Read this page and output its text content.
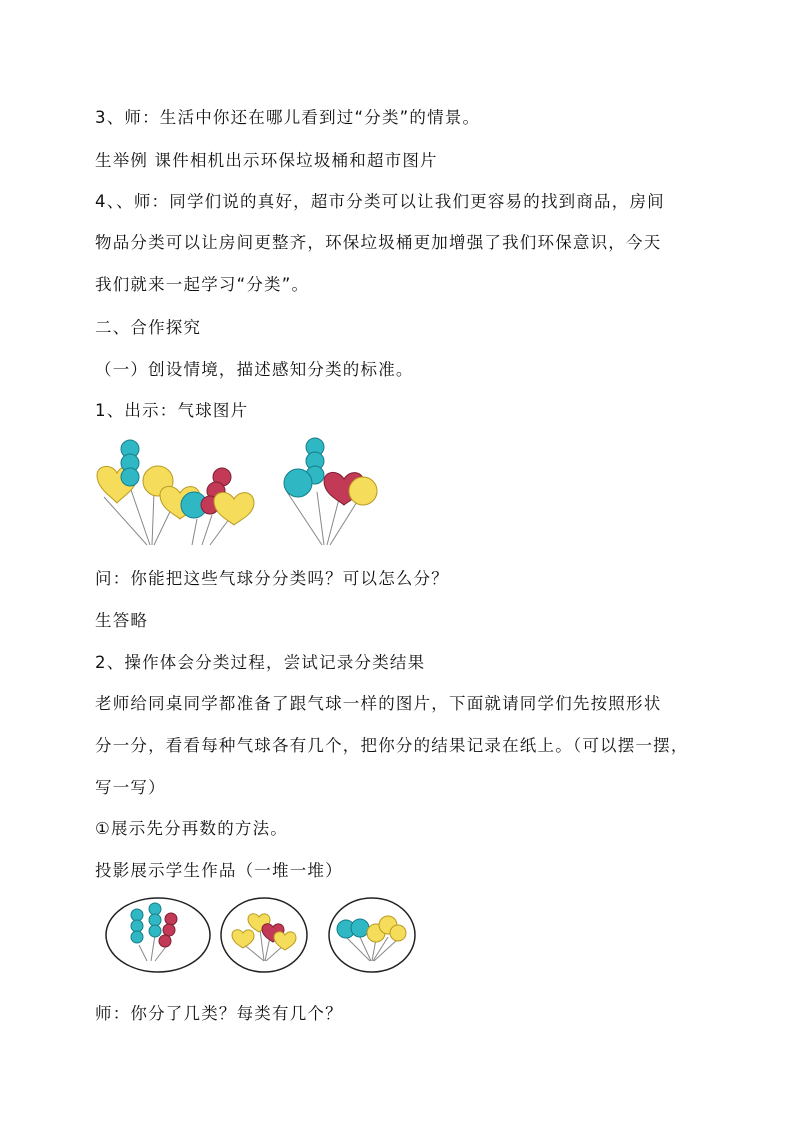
3、师：生活中你还在哪儿看到过“分类”的情景。
生举例 课件相机出示环保垃圾桶和超市图片
4、、师：同学们说的真好，超市分类可以让我们更容易的找到商品，房间
物品分类可以让房间更整齐，环保垃圾桶更加增强了我们环保意识，今天
我们就来一起学习“分类”。
二、合作探究
（一）创设情境，描述感知分类的标准。
1、出示：气球图片
问：你能把这些气球分分类吗？可以怎么分？
生答略
2、操作体会分类过程，尝试记录分类结果
老师给同桌同学都准备了跟气球一样的图片，下面就请同学们先按照形状
分一分，看看每种气球各有几个，把你分的结果记录在纸上。（可以摆一摆，
写一写）
①展示先分再数的方法。
投影展示学生作品（一堆一堆）
师：你分了几类？每类有几个？
